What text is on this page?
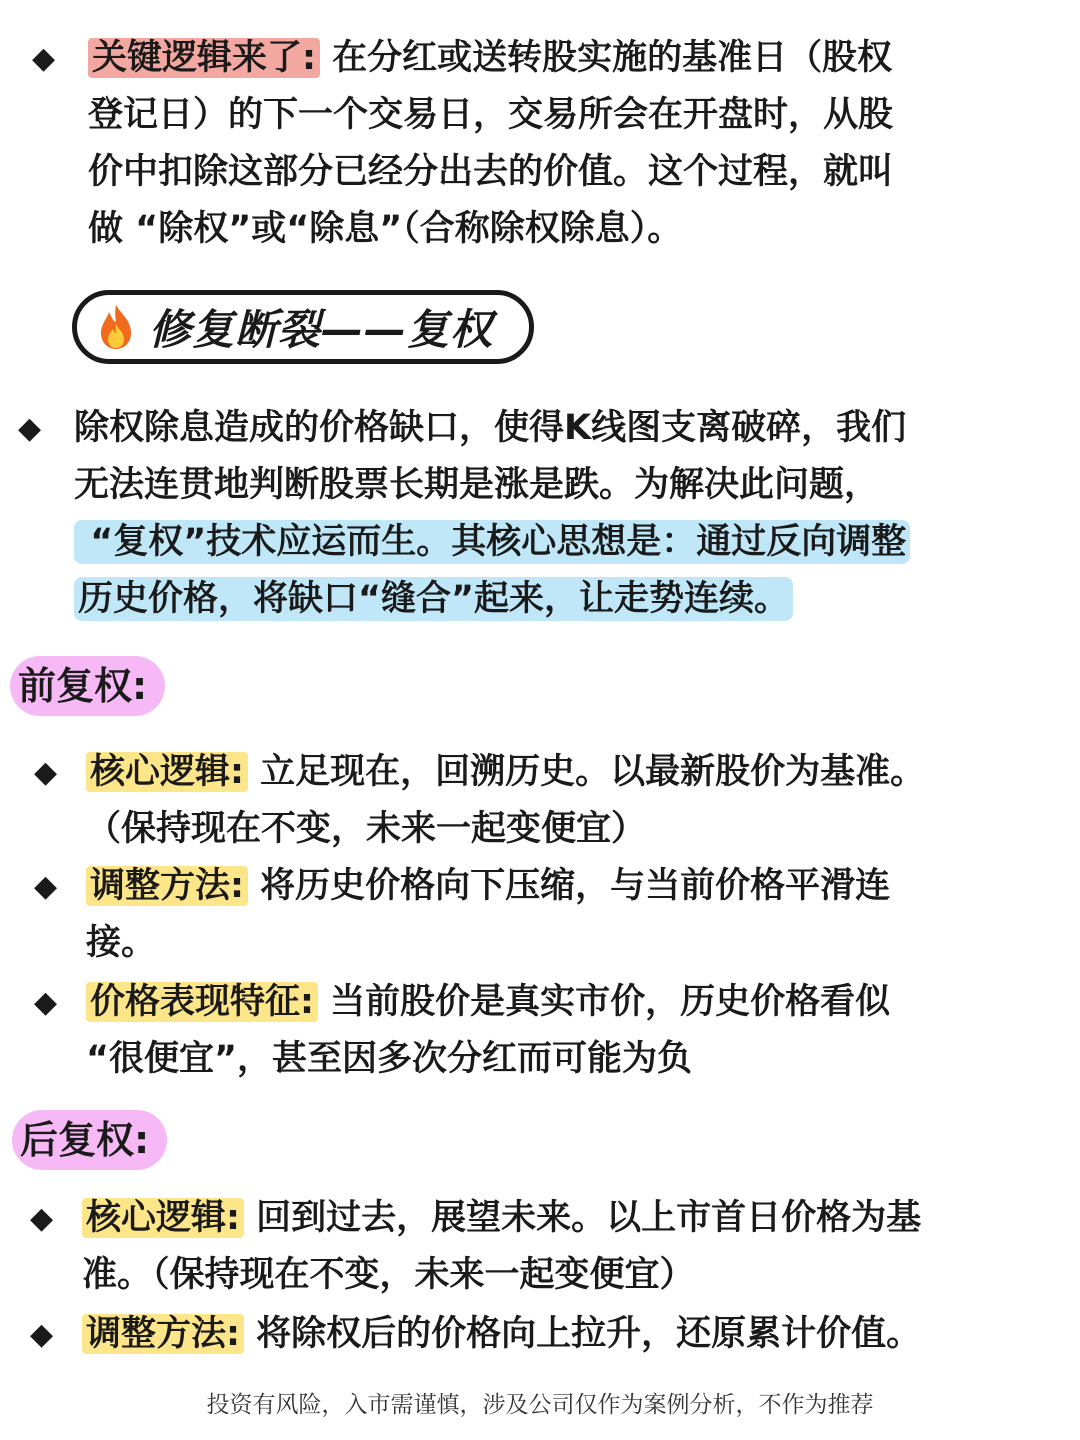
◆ 关键逻辑来了: 在分红或送转股实施的基准日（股权
登记日）的下一个交易日，交易所会在开盘时，从股
价中扣除这部分已经分出去的价值。这个过程，就叫
做 “除权”或“除息”（合称除权除息）。
修复断裂——复权
◆ 除权除息造成的价格缺口，使得K线图支离破碎，我们
无法连贯地判断股票长期是涨是跌。为解决此问题，
“复权”技术应运而生。其核心思想是：通过反向调整
历史价格，将缺口“缝合”起来，让走势连续。
前复权:
◆ 核心逻辑: 立足现在，回溯历史。以最新股价为基准。
（保持现在不变，未来一起变便宜）
◆ 调整方法: 将历史价格向下压缩，与当前价格平滑连
接。
◆ 价格表现特征: 当前股价是真实市价，历史价格看似
“很便宜”，甚至因多次分红而可能为负
后复权:
◆ 核心逻辑: 回到过去，展望未来。以上市首日价格为基
准。（保持现在不变，未来一起变便宜）
◆ 调整方法: 将除权后的价格向上拉升，还原累计价值。
投资有风险，入市需谨慎，涉及公司仅作为案例分析，不作为推荐
